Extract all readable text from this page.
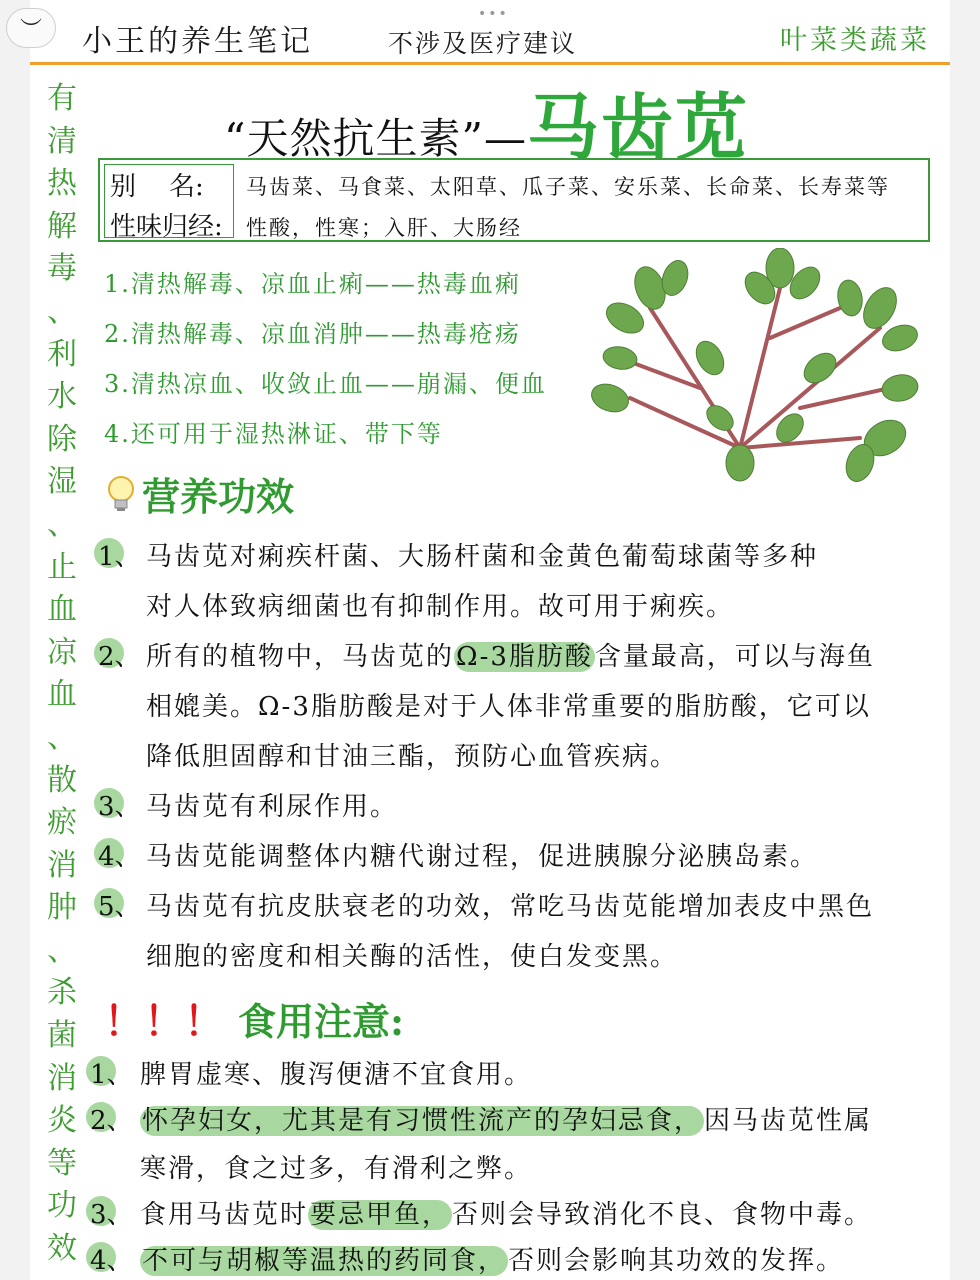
︶
•••
小王的养生笔记	不涉及医疗建议	叶菜类蔬菜
有
清
热
解
毒
、
利
水
除
湿
、
止
血
凉
血
、
散
瘀
消
肿
、
杀
菌
消
炎
等
功
效
“天然抗生素”— 马齿苋
别    名: 马齿菜、马食菜、太阳草、瓜子菜、安乐菜、长命菜、长寿菜等
性味归经: 性酸，性寒；入肝、大肠经
1.清热解毒、凉血止痢——热毒血痢
2.清热解毒、凉血消肿——热毒疮疡
3.清热凉血、收敛止血——崩漏、便血
4.还可用于湿热淋证、带下等
营养功效
1、 马齿苋对痢疾杆菌、大肠杆菌和金黄色葡萄球菌等多种
对人体致病细菌也有抑制作用。故可用于痢疾。
2、 所有的植物中，马齿苋的Ω-3脂肪酸含量最高，可以与海鱼
相媲美。Ω-3脂肪酸是对于人体非常重要的脂肪酸，它可以
降低胆固醇和甘油三酯，预防心血管疾病。
3、 马齿苋有利尿作用。
4、 马齿苋能调整体内糖代谢过程，促进胰腺分泌胰岛素。
5、 马齿苋有抗皮肤衰老的功效，常吃马齿苋能增加表皮中黑色
细胞的密度和相关酶的活性，使白发变黑。
！！！ 食用注意:
1、 脾胃虚寒、腹泻便溏不宜食用。
2、 怀孕妇女，尤其是有习惯性流产的孕妇忌食，因马齿苋性属
寒滑，食之过多，有滑利之弊。
3、 食用马齿苋时要忌甲鱼，否则会导致消化不良、食物中毒。
4、 不可与胡椒等温热的药同食，否则会影响其功效的发挥。
